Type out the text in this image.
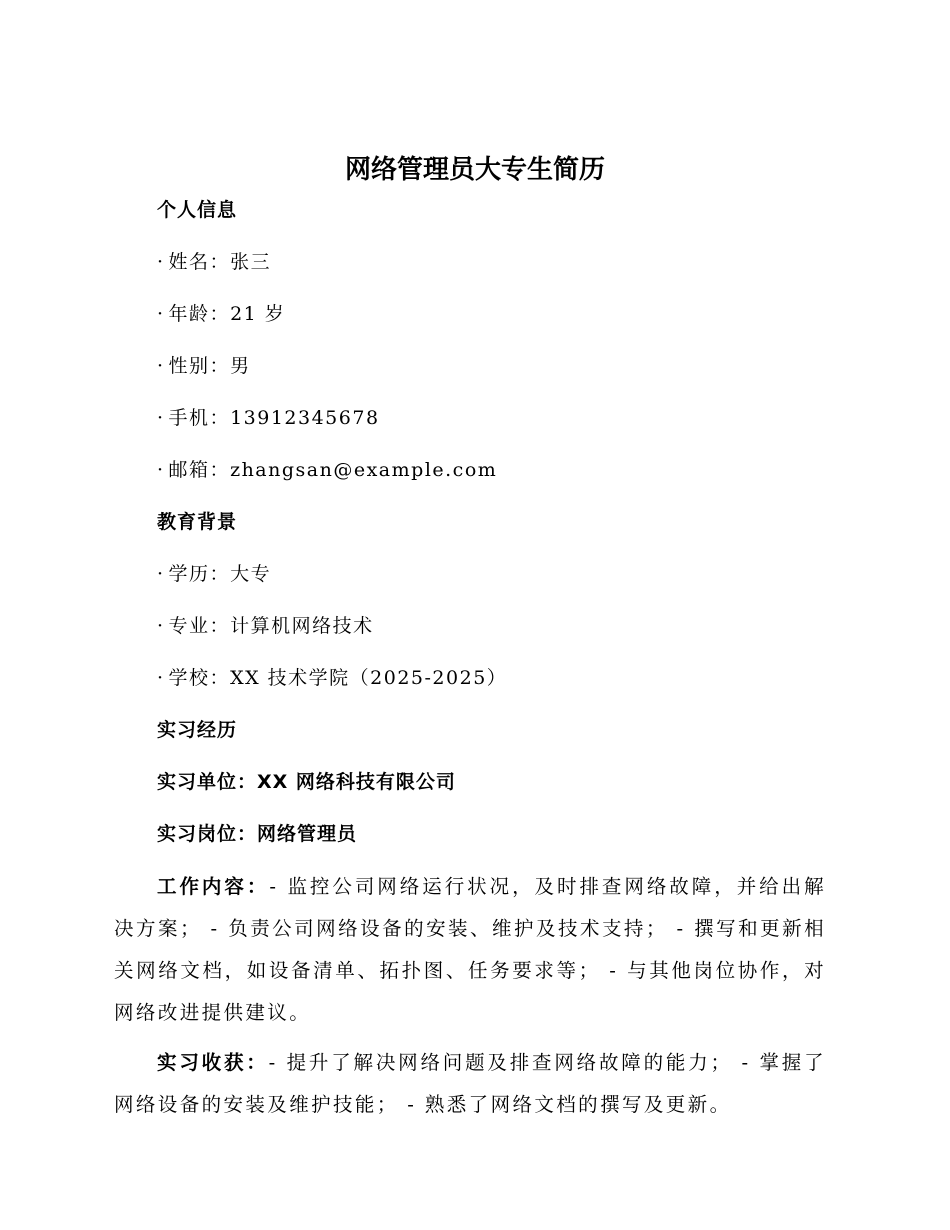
网络管理员大专生简历
个人信息
· 姓名：张三
· 年龄：21 岁
· 性别：男
· 手机：13912345678
· 邮箱：zhangsan@example.com
教育背景
· 学历：大专
· 专业：计算机网络技术
· 学校：XX 技术学院（2025-2025）
实习经历
实习单位：XX 网络科技有限公司
实习岗位：网络管理员

工作内容：- 监控公司网络运行状况，及时排查网络故障，并给出解决方案； - 负责公司网络设备的安装、维护及技术支持； - 撰写和更新相关网络文档，如设备清单、拓扑图、任务要求等； - 与其他岗位协作，对网络改进提供建议。

实习收获：- 提升了解决网络问题及排查网络故障的能力； - 掌握了网络设备的安装及维护技能； - 熟悉了网络文档的撰写及更新。
